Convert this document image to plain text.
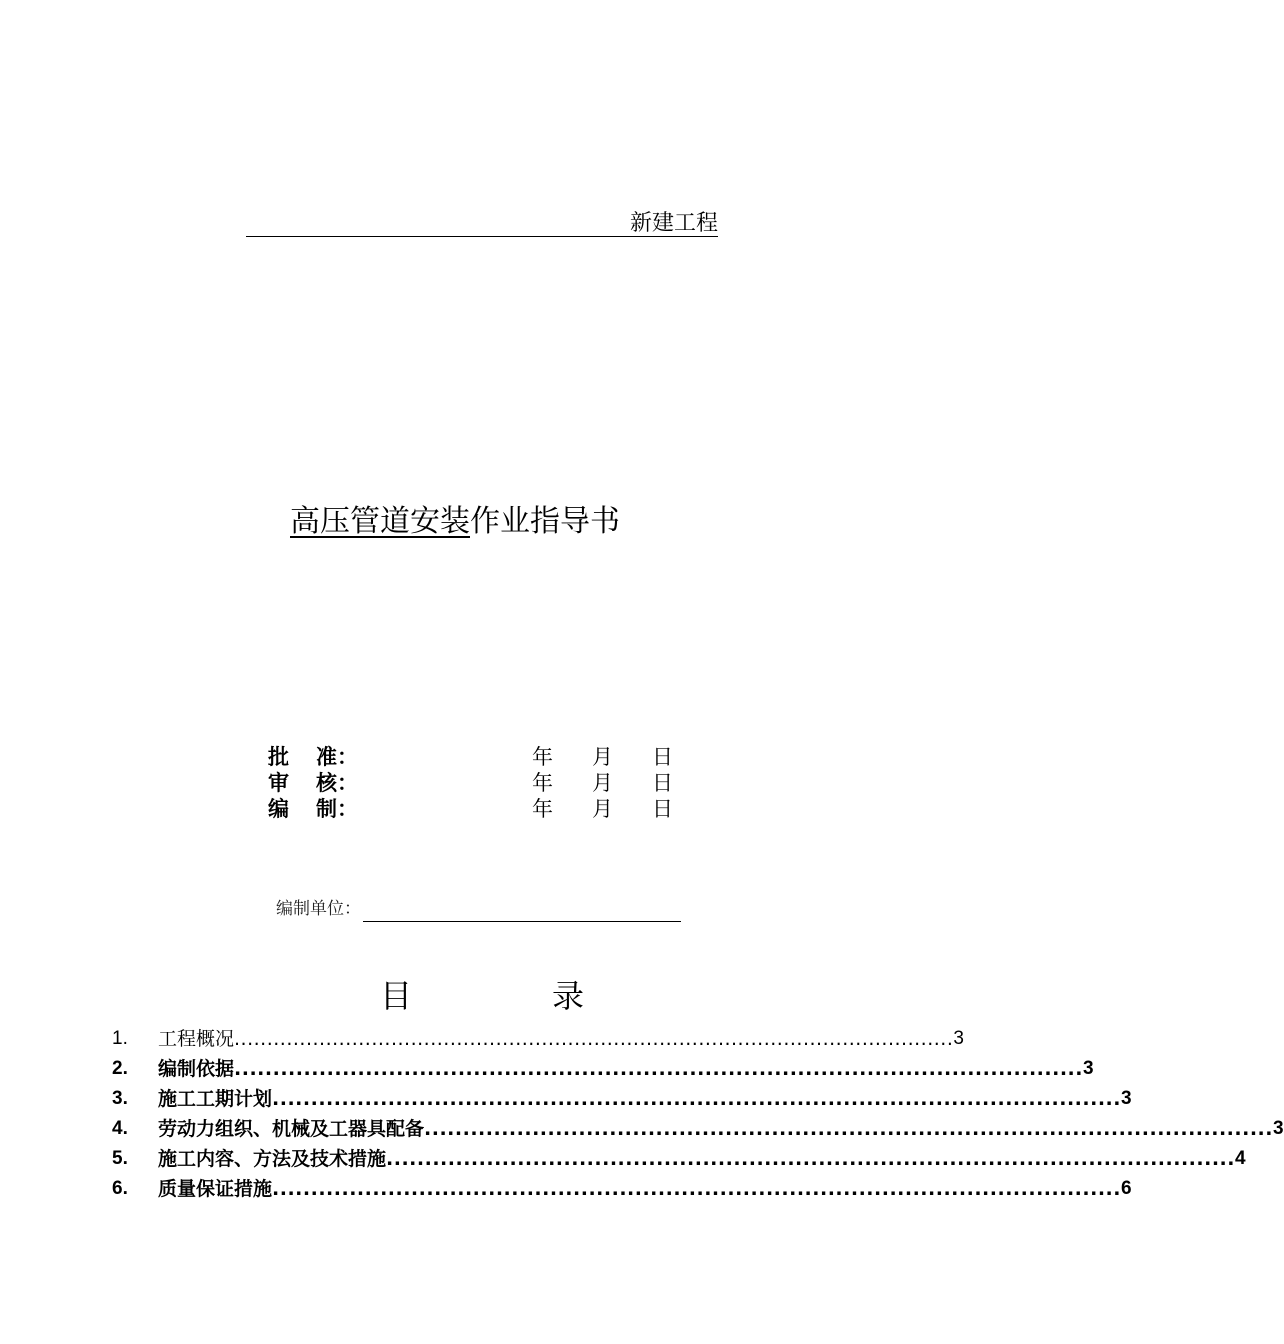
新建工程
高压管道安装作业指导书
批 准：	年 月 日
审 核：	年 月 日
编 制：	年 月 日
编制单位：
目	录
1.	工程概况 .............................................................................................................. 3
2.	编制依据 .............................................................................................................. 3
3.	施工工期计划 .............................................................................................................. 3
4.	劳动力组织、机械及工器具配备 .............................................................................................................. 3
5.	施工内容、方法及技术措施 .............................................................................................................. 4
6.	质量保证措施 .............................................................................................................. 6
